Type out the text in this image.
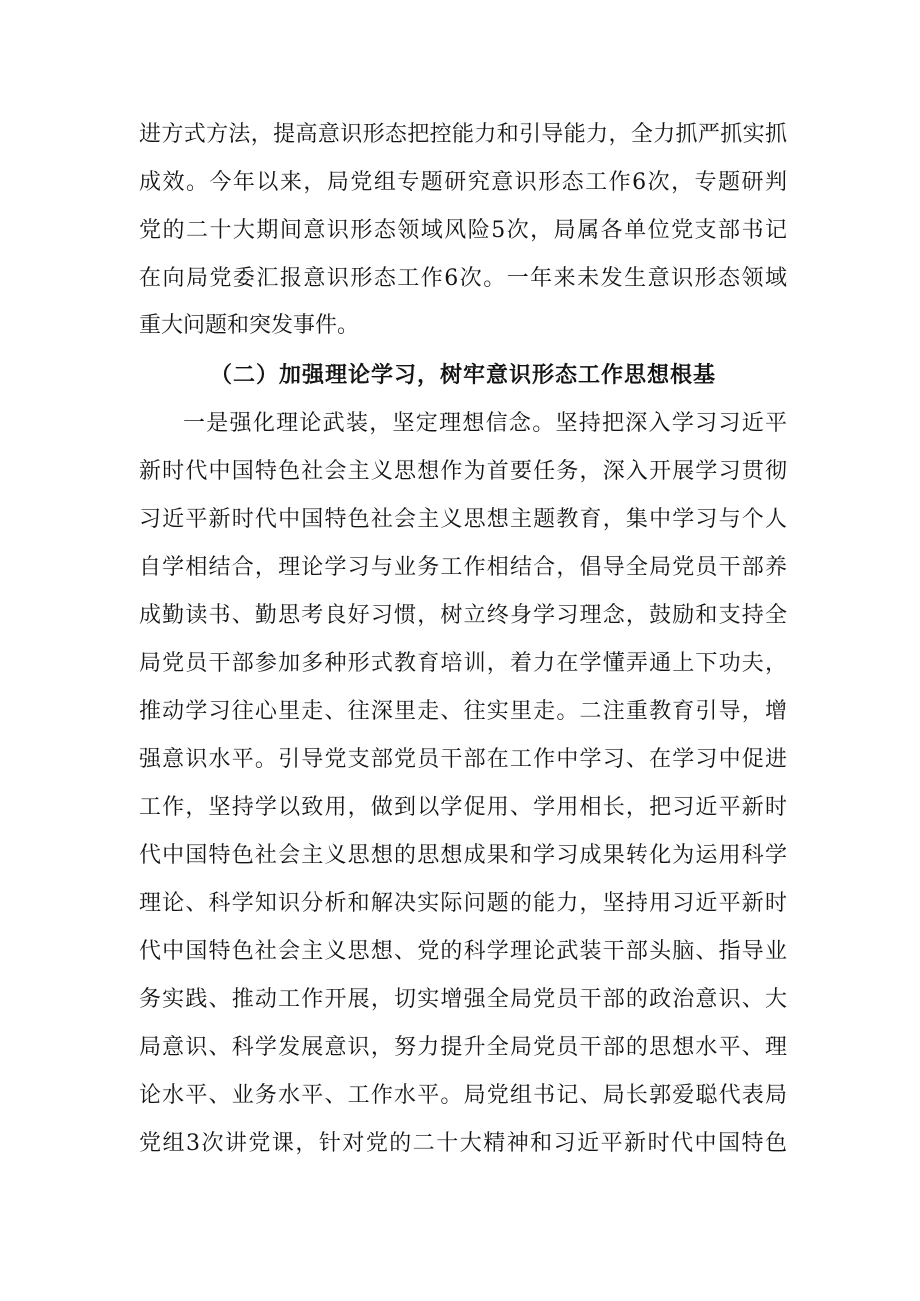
进方式方法，提高意识形态把控能力和引导能力，全力抓严抓实抓
成效。今年以来，局党组专题研究意识形态工作6次，专题研判
党的二十大期间意识形态领域风险5次，局属各单位党支部书记
在向局党委汇报意识形态工作6次。一年来未发生意识形态领域
重大问题和突发事件。
（二）加强理论学习，树牢意识形态工作思想根基
一是强化理论武装，坚定理想信念。坚持把深入学习习近平
新时代中国特色社会主义思想作为首要任务，深入开展学习贯彻
习近平新时代中国特色社会主义思想主题教育，集中学习与个人
自学相结合，理论学习与业务工作相结合，倡导全局党员干部养
成勤读书、勤思考良好习惯，树立终身学习理念，鼓励和支持全
局党员干部参加多种形式教育培训，着力在学懂弄通上下功夫，
推动学习往心里走、往深里走、往实里走。二注重教育引导，增
强意识水平。引导党支部党员干部在工作中学习、在学习中促进
工作，坚持学以致用，做到以学促用、学用相长，把习近平新时
代中国特色社会主义思想的思想成果和学习成果转化为运用科学
理论、科学知识分析和解决实际问题的能力，坚持用习近平新时
代中国特色社会主义思想、党的科学理论武装干部头脑、指导业
务实践、推动工作开展，切实增强全局党员干部的政治意识、大
局意识、科学发展意识，努力提升全局党员干部的思想水平、理
论水平、业务水平、工作水平。局党组书记、局长郭爱聪代表局
党组3次讲党课，针对党的二十大精神和习近平新时代中国特色
